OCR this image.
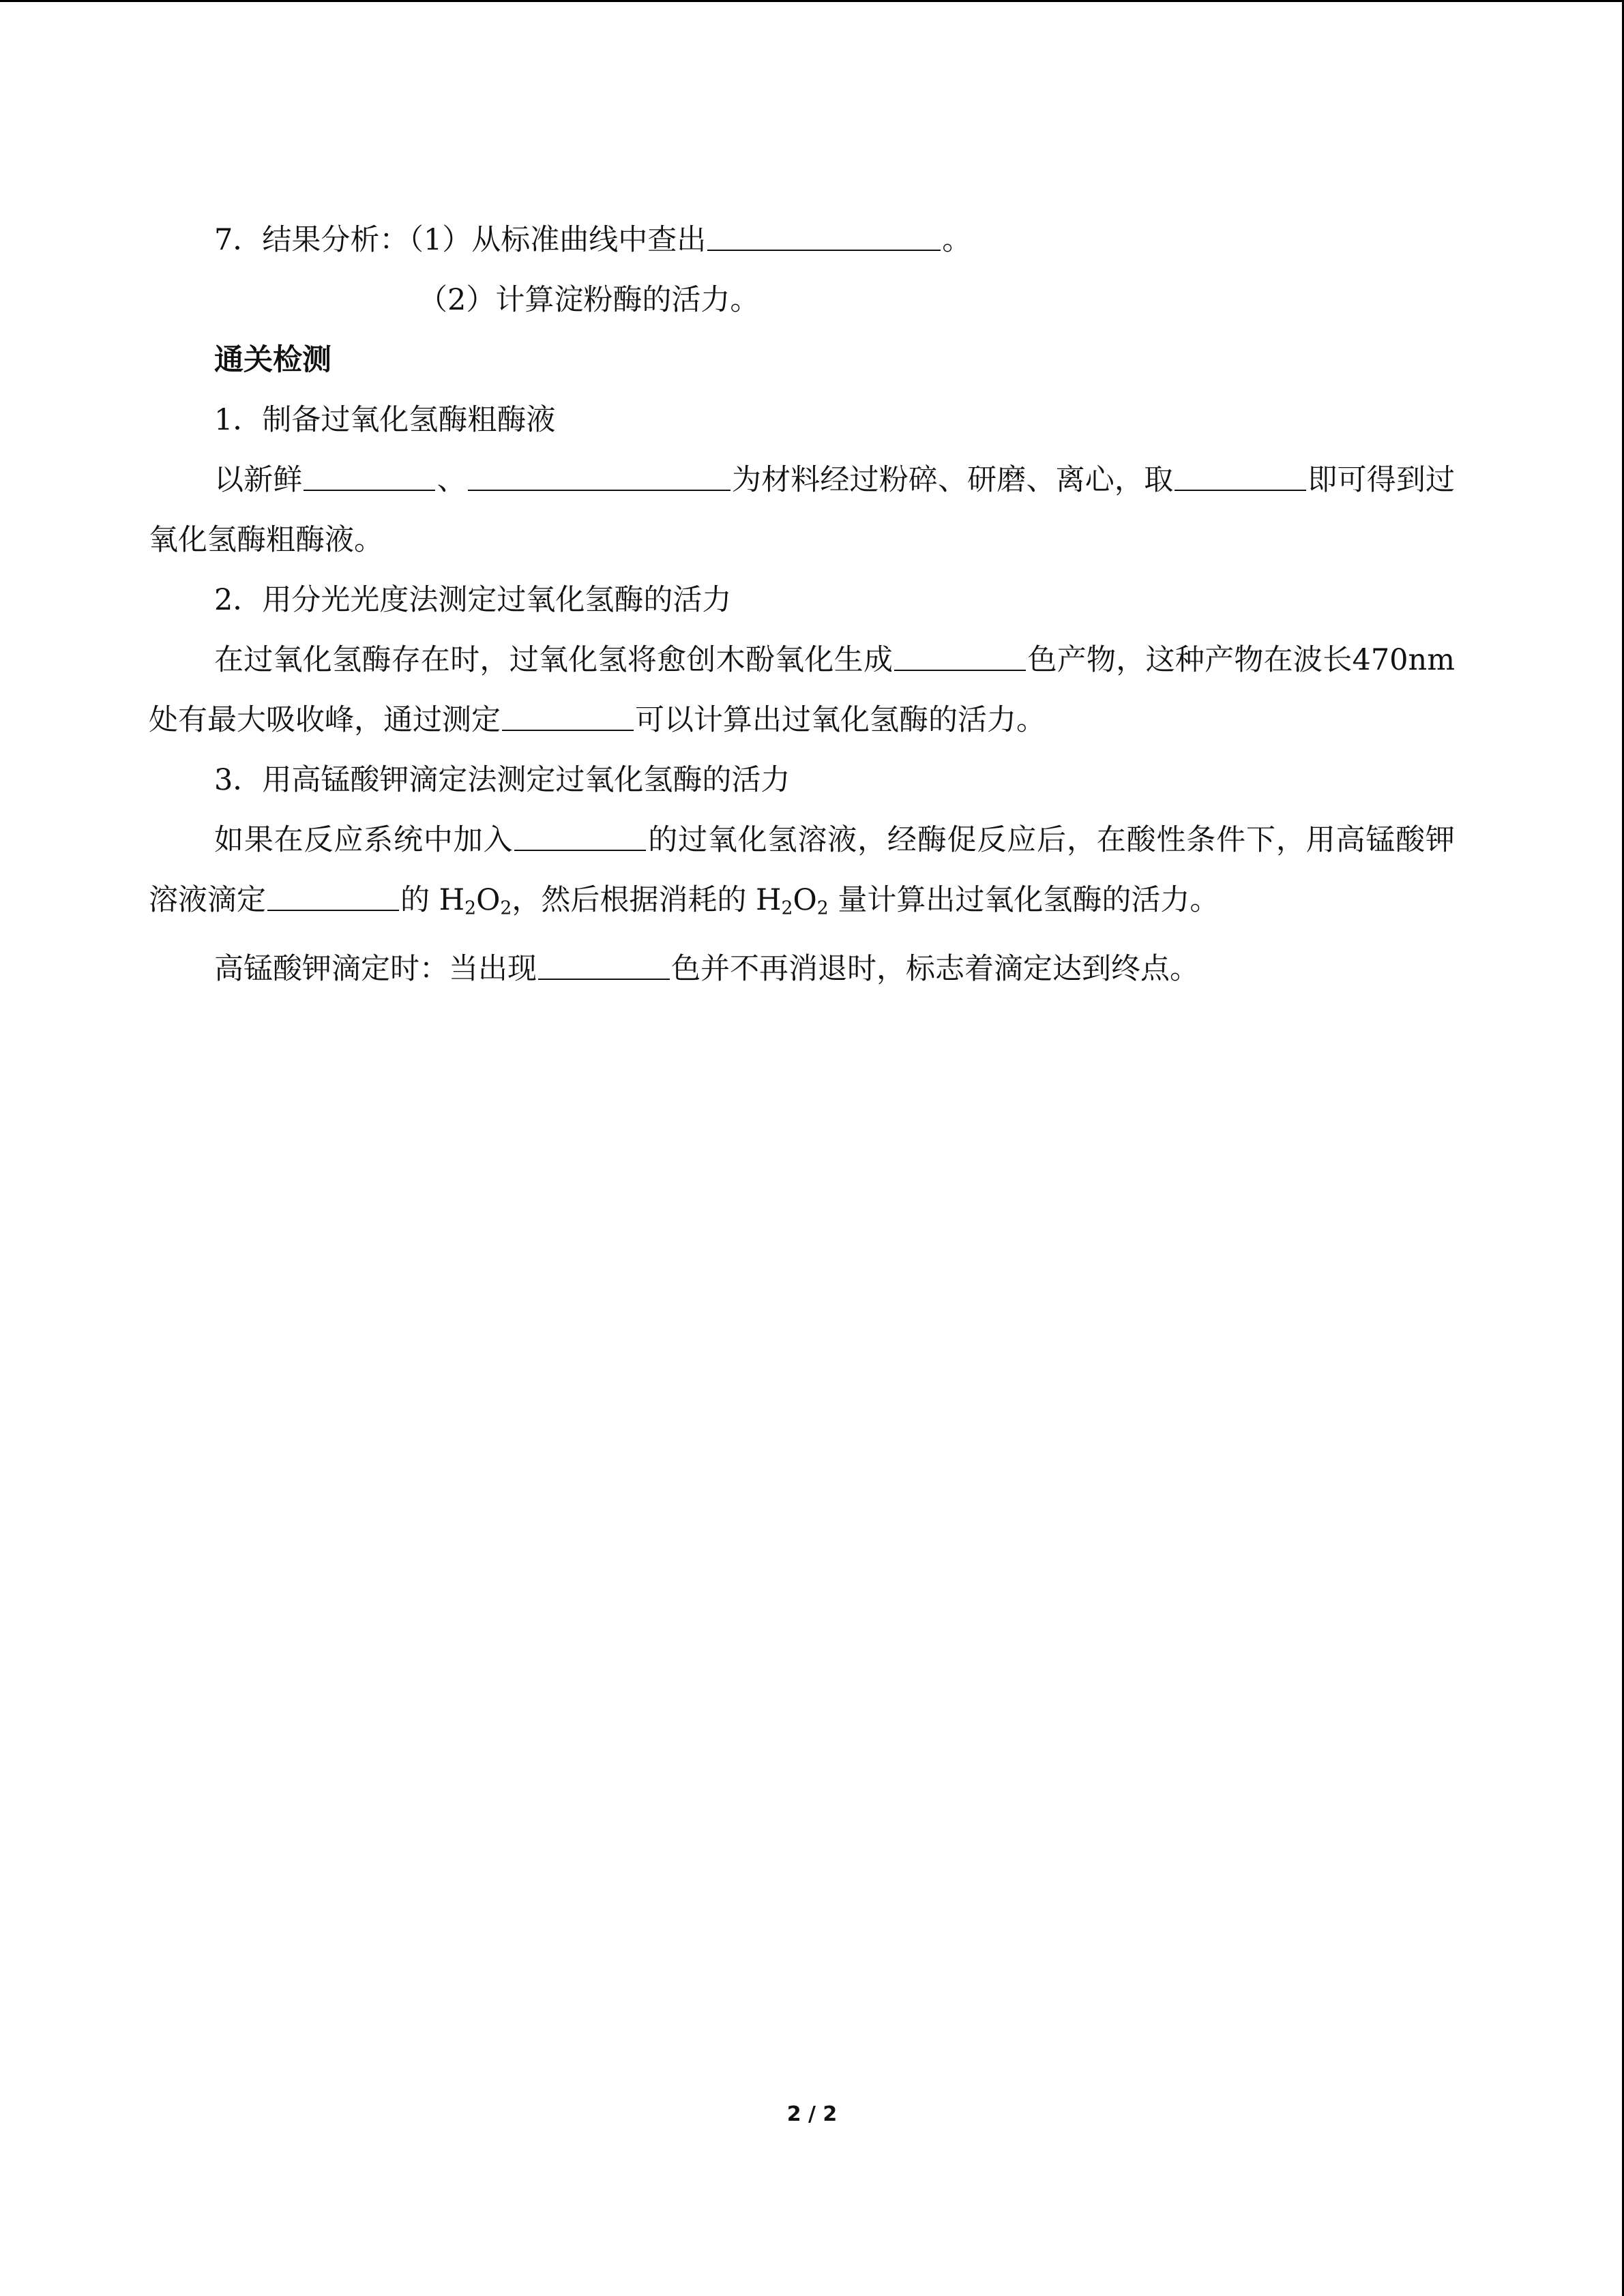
7．结果分析：（1）从标准曲线中查出	。

（2）计算淀粉酶的活力。

通关检测

1．制备过氧化氢酶粗酶液

以新鲜	、	为材料经过粉碎、研磨、离心，取	即可得到过氧化氢酶粗酶液。

2．用分光光度法测定过氧化氢酶的活力

在过氧化氢酶存在时，过氧化氢将愈创木酚氧化生成	色产物，这种产物在波长470nm处有最大吸收峰，通过测定	可以计算出过氧化氢酶的活力。

3．用高锰酸钾滴定法测定过氧化氢酶的活力

如果在反应系统中加入	的过氧化氢溶液，经酶促反应后，在酸性条件下，用高锰酸钾溶液滴定	的 $H_2O_2$，然后根据消耗的 $H_2O_2$ 量计算出过氧化氢酶的活力。

高锰酸钾滴定时：当出现	色并不再消退时，标志着滴定达到终点。

2 / 2
